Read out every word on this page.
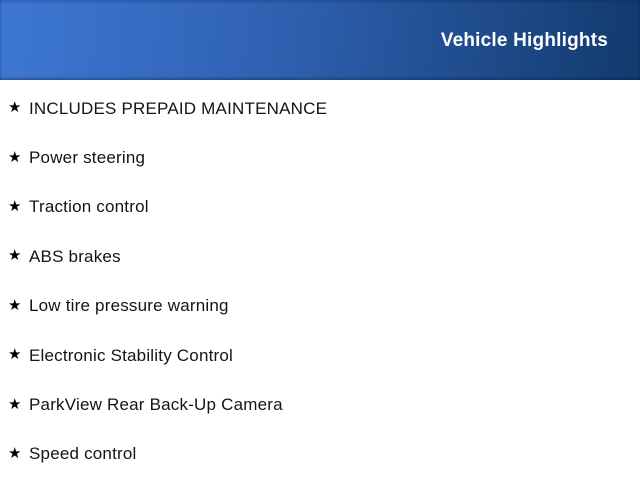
Vehicle Highlights
★ INCLUDES PREPAID MAINTENANCE
★ Power steering
★ Traction control
★ ABS brakes
★ Low tire pressure warning
★ Electronic Stability Control
★ ParkView Rear Back-Up Camera
★ Speed control
